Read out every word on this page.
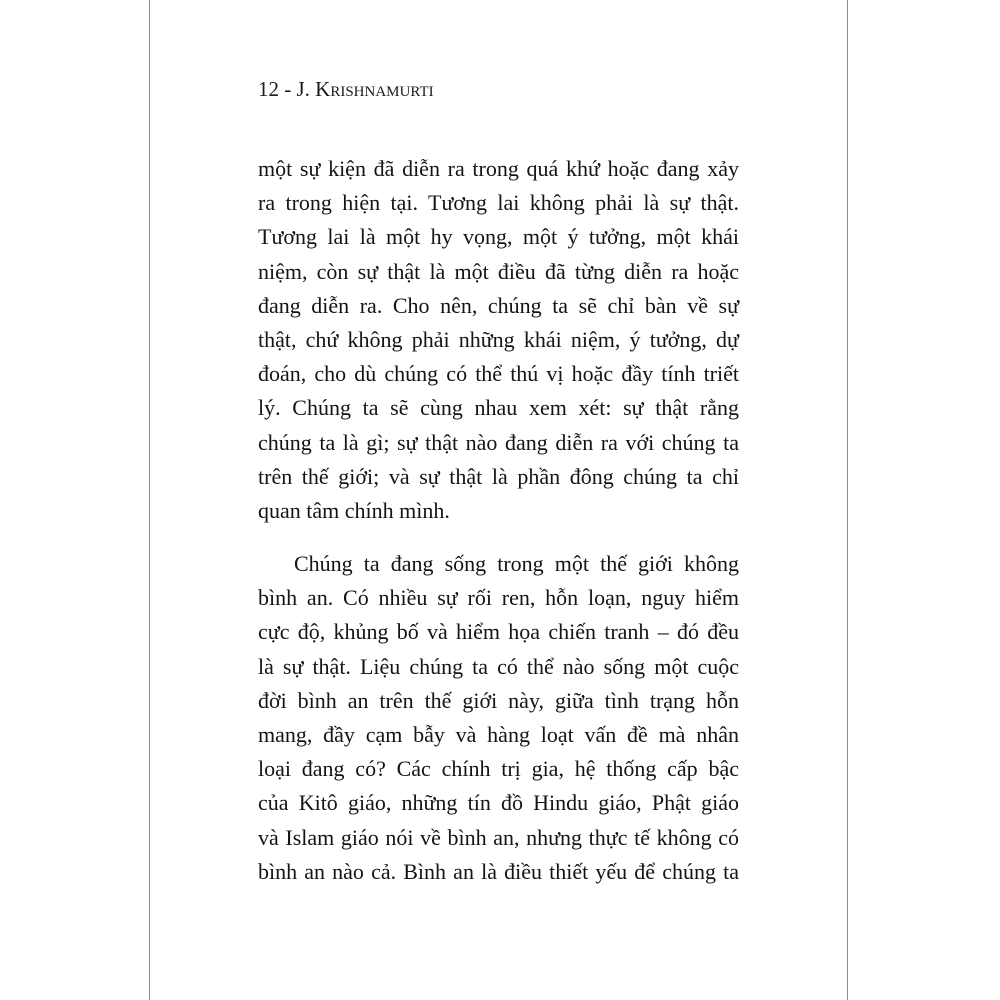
12 - J. Krishnamurti

một sự kiện đã diễn ra trong quá khứ hoặc đang xảy
ra trong hiện tại. Tương lai không phải là sự thật.
Tương lai là một hy vọng, một ý tưởng, một khái
niệm, còn sự thật là một điều đã từng diễn ra hoặc
đang diễn ra. Cho nên, chúng ta sẽ chỉ bàn về sự
thật, chứ không phải những khái niệm, ý tưởng, dự
đoán, cho dù chúng có thể thú vị hoặc đầy tính triết
lý. Chúng ta sẽ cùng nhau xem xét: sự thật rằng
chúng ta là gì; sự thật nào đang diễn ra với chúng ta
trên thế giới; và sự thật là phần đông chúng ta chỉ
quan tâm chính mình.

Chúng ta đang sống trong một thế giới không
bình an. Có nhiều sự rối ren, hỗn loạn, nguy hiểm
cực độ, khủng bố và hiểm họa chiến tranh – đó đều
là sự thật. Liệu chúng ta có thể nào sống một cuộc
đời bình an trên thế giới này, giữa tình trạng hỗn
mang, đầy cạm bẫy và hàng loạt vấn đề mà nhân
loại đang có? Các chính trị gia, hệ thống cấp bậc
của Kitô giáo, những tín đồ Hindu giáo, Phật giáo
và Islam giáo nói về bình an, nhưng thực tế không có
bình an nào cả. Bình an là điều thiết yếu để chúng ta
